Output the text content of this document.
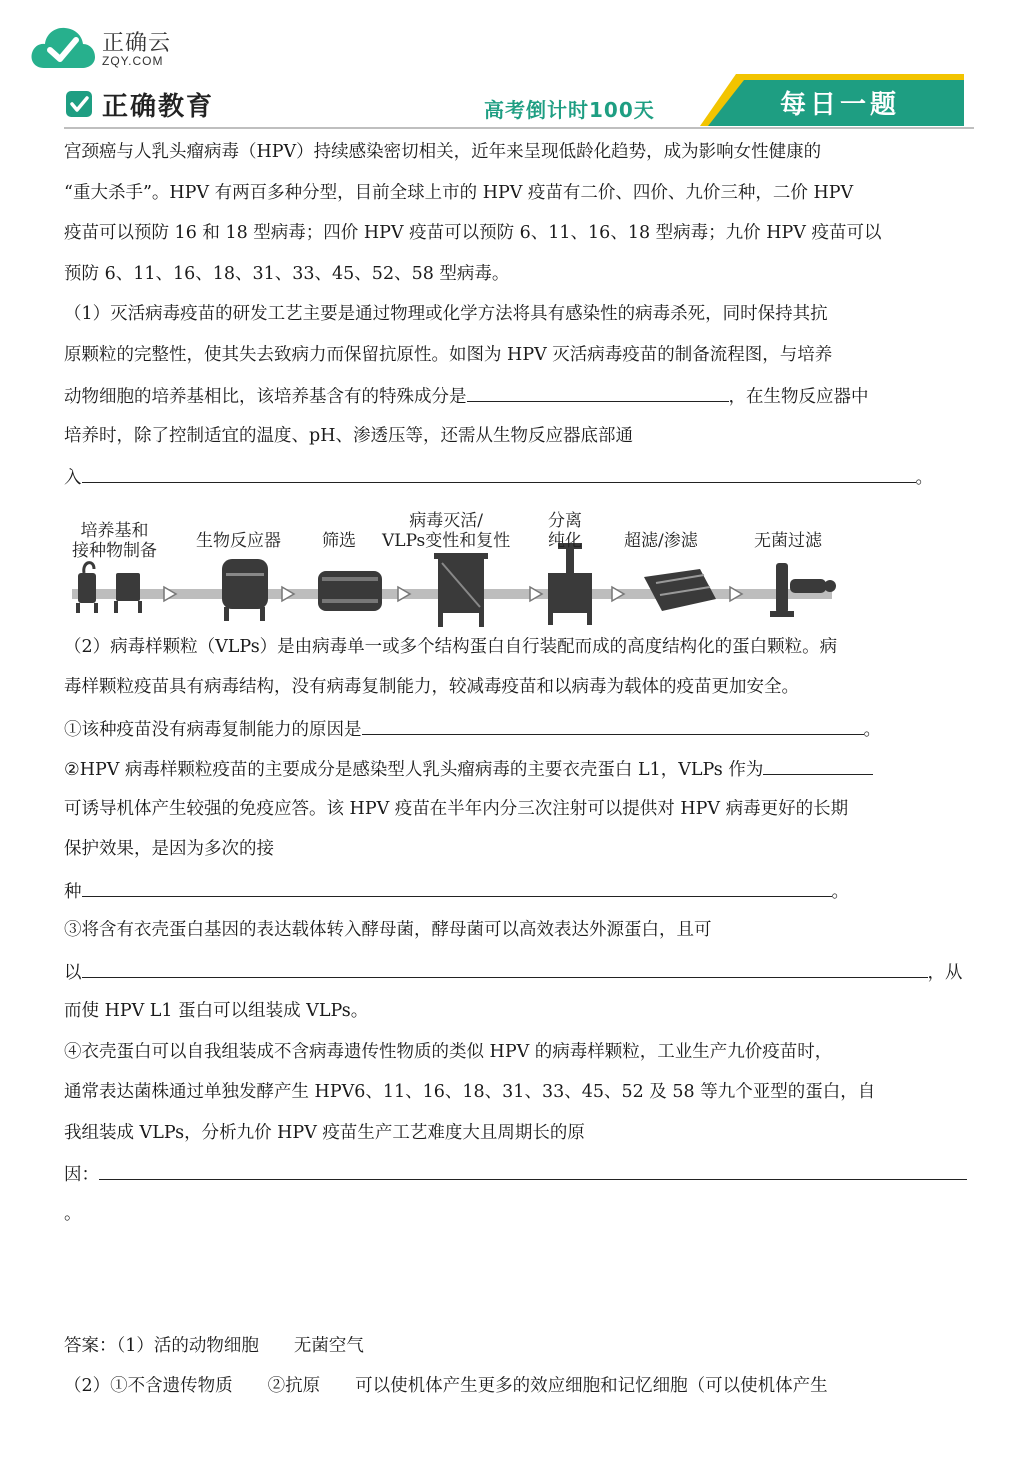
正确云
ZQY.COM
正确教育	高考倒计时100天	每日一题
宫颈癌与人乳头瘤病毒（HPV）持续感染密切相关，近年来呈现低龄化趋势，成为影响女性健康的
“重大杀手”。HPV 有两百多种分型，目前全球上市的 HPV 疫苗有二价、四价、九价三种，二价 HPV
疫苗可以预防 16 和 18 型病毒；四价 HPV 疫苗可以预防 6、11、16、18 型病毒；九价 HPV 疫苗可以
预防 6、11、16、18、31、33、45、52、58 型病毒。
（1）灭活病毒疫苗的研发工艺主要是通过物理或化学方法将具有感染性的病毒杀死，同时保持其抗
原颗粒的完整性，使其失去致病力而保留抗原性。如图为 HPV 灭活病毒疫苗的制备流程图，与培养
动物细胞的培养基相比，该培养基含有的特殊成分是	，在生物反应器中
培养时，除了控制适宜的温度、pH、渗透压等，还需从生物反应器底部通
入	。
培养基和
接种物制备 生物反应器 筛选
病毒灭活/
VLPs变性和复性
分离
纯化 超滤/渗滤	无菌过滤
（2）病毒样颗粒（VLPs）是由病毒单一或多个结构蛋白自行装配而成的高度结构化的蛋白颗粒。病
毒样颗粒疫苗具有病毒结构，没有病毒复制能力，较减毒疫苗和以病毒为载体的疫苗更加安全。
①该种疫苗没有病毒复制能力的原因是	。
②HPV 病毒样颗粒疫苗的主要成分是感染型人乳头瘤病毒的主要衣壳蛋白 L1，VLPs 作为
可诱导机体产生较强的免疫应答。该 HPV 疫苗在半年内分三次注射可以提供对 HPV 病毒更好的长期
保护效果，是因为多次的接
种	。
③将含有衣壳蛋白基因的表达载体转入酵母菌，酵母菌可以高效表达外源蛋白，且可
以	，从
而使 HPV L1 蛋白可以组装成 VLPs。
④衣壳蛋白可以自我组装成不含病毒遗传性物质的类似 HPV 的病毒样颗粒，工业生产九价疫苗时，
通常表达菌株通过单独发酵产生 HPV6、11、16、18、31、33、45、52 及 58 等九个亚型的蛋白，自
我组装成 VLPs，分析九价 HPV 疫苗生产工艺难度大且周期长的原
因：
。
答案：（1）活的动物细胞　　无菌空气
（2）①不含遗传物质　　②抗原　　可以使机体产生更多的效应细胞和记忆细胞（可以使机体产生
